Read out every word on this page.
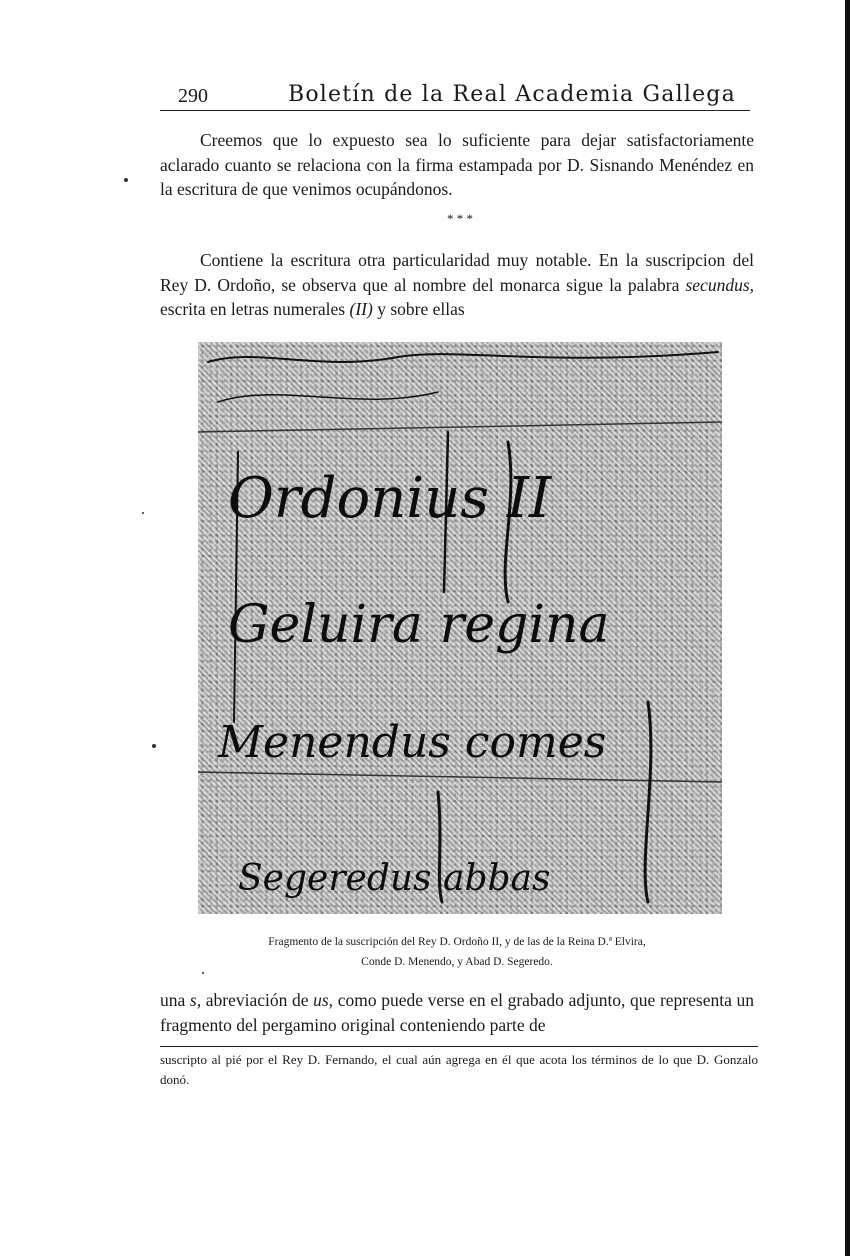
290	Boletín de la Real Academia Gallega
Creemos que lo expuesto sea lo suficiente para dejar satisfactoriamente aclarado cuanto se relaciona con la firma estampada por D. Sisnando Menéndez en la escritura de que venimos ocupándonos.
* * *
Contiene la escritura otra particularidad muy notable. En la suscripcion del Rey D. Ordoño, se observa que al nombre del monarca sigue la palabra secundus, escrita en letras numerales (II) y sobre ellas
Ordonius II
Geluira regina
Menendus comes
Segeredus abbas
Fragmento de la suscripción del Rey D. Ordoño II, y de las de la Reina D.ª Elvira,
Conde D. Menendo, y Abad D. Segeredo.
una s, abreviación de us, como puede verse en el grabado adjunto, que representa un fragmento del pergamino original conteniendo parte de
suscripto al pié por el Rey D. Fernando, el cual aún agrega en él que acota los términos de lo que D. Gonzalo donó.
